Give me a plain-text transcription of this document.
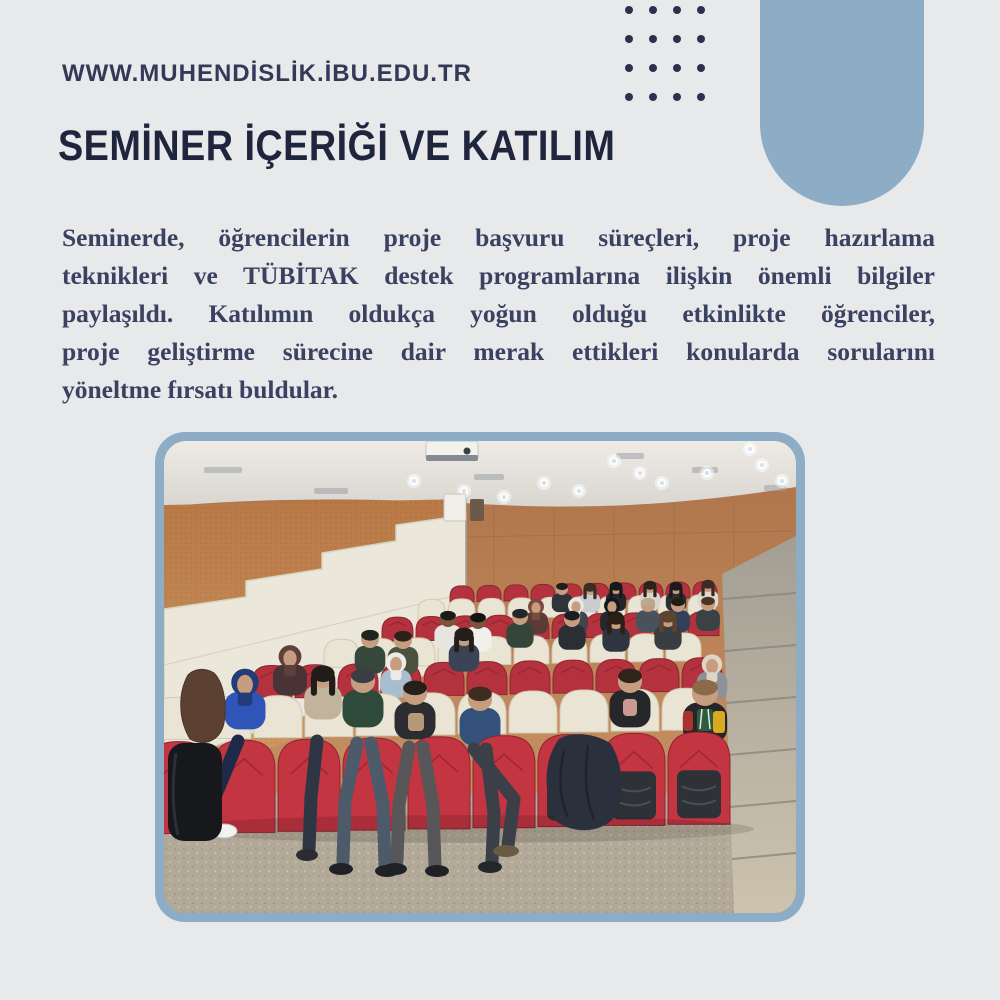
WWW.MUHENDİSLİK.İBU.EDU.TR
SEMİNER İÇERİĞİ VE KATILIM
Seminerde, öğrencilerin proje başvuru süreçleri, proje hazırlama
teknikleri ve TÜBİTAK destek programlarına ilişkin önemli bilgiler
paylaşıldı. Katılımın oldukça yoğun olduğu etkinlikte öğrenciler,
proje geliştirme sürecine dair merak ettikleri konularda sorularını
yöneltme fırsatı buldular.
